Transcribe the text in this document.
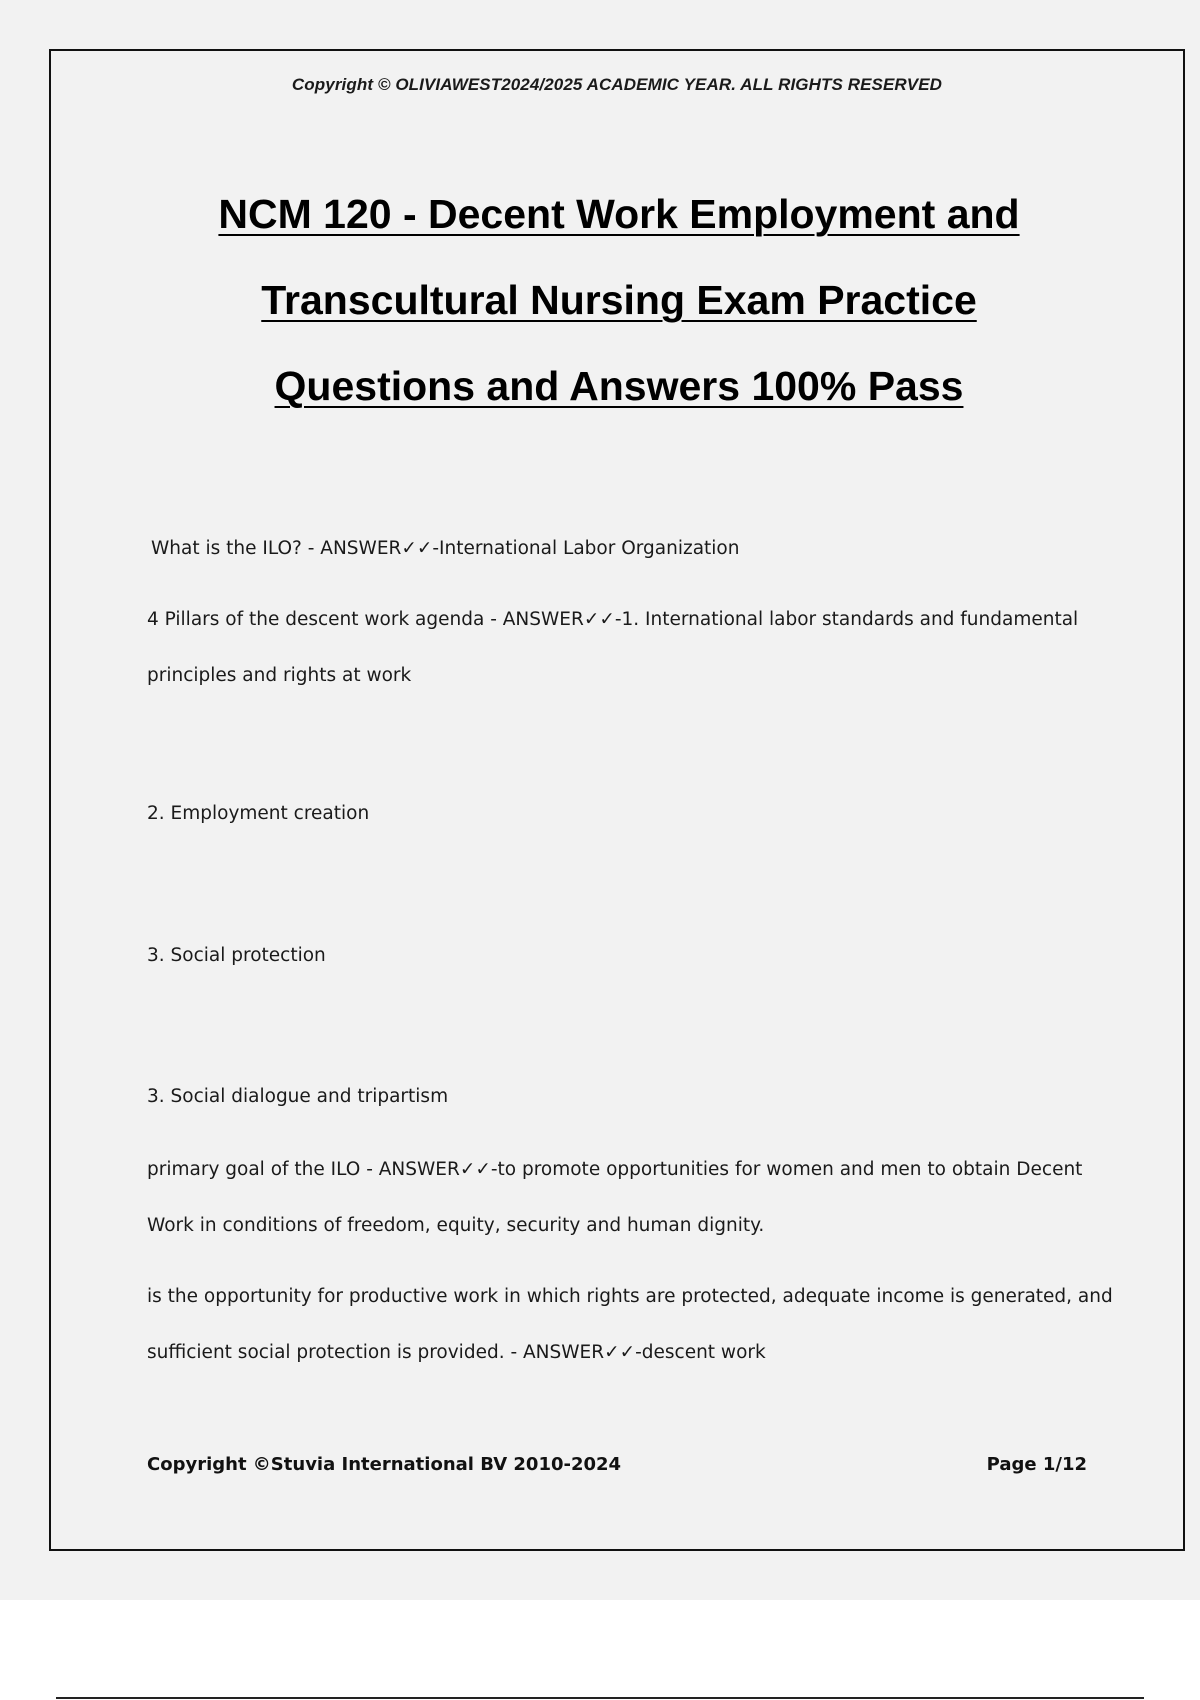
Copyright © OLIVIAWEST2024/2025 ACADEMIC YEAR. ALL RIGHTS RESERVED
NCM 120 - Decent Work Employment and
Transcultural Nursing Exam Practice
Questions and Answers 100% Pass

What is the ILO? - ANSWER✓✓-International Labor Organization

4 Pillars of the descent work agenda - ANSWER✓✓-1. International labor standards and fundamental

principles and rights at work

2. Employment creation

3. Social protection

3. Social dialogue and tripartism

primary goal of the ILO - ANSWER✓✓-to promote opportunities for women and men to obtain Decent

Work in conditions of freedom, equity, security and human dignity.

is the opportunity for productive work in which rights are protected, adequate income is generated, and

sufficient social protection is provided. - ANSWER✓✓-descent work

Copyright ©Stuvia International BV 2010-2024	Page 1/12
